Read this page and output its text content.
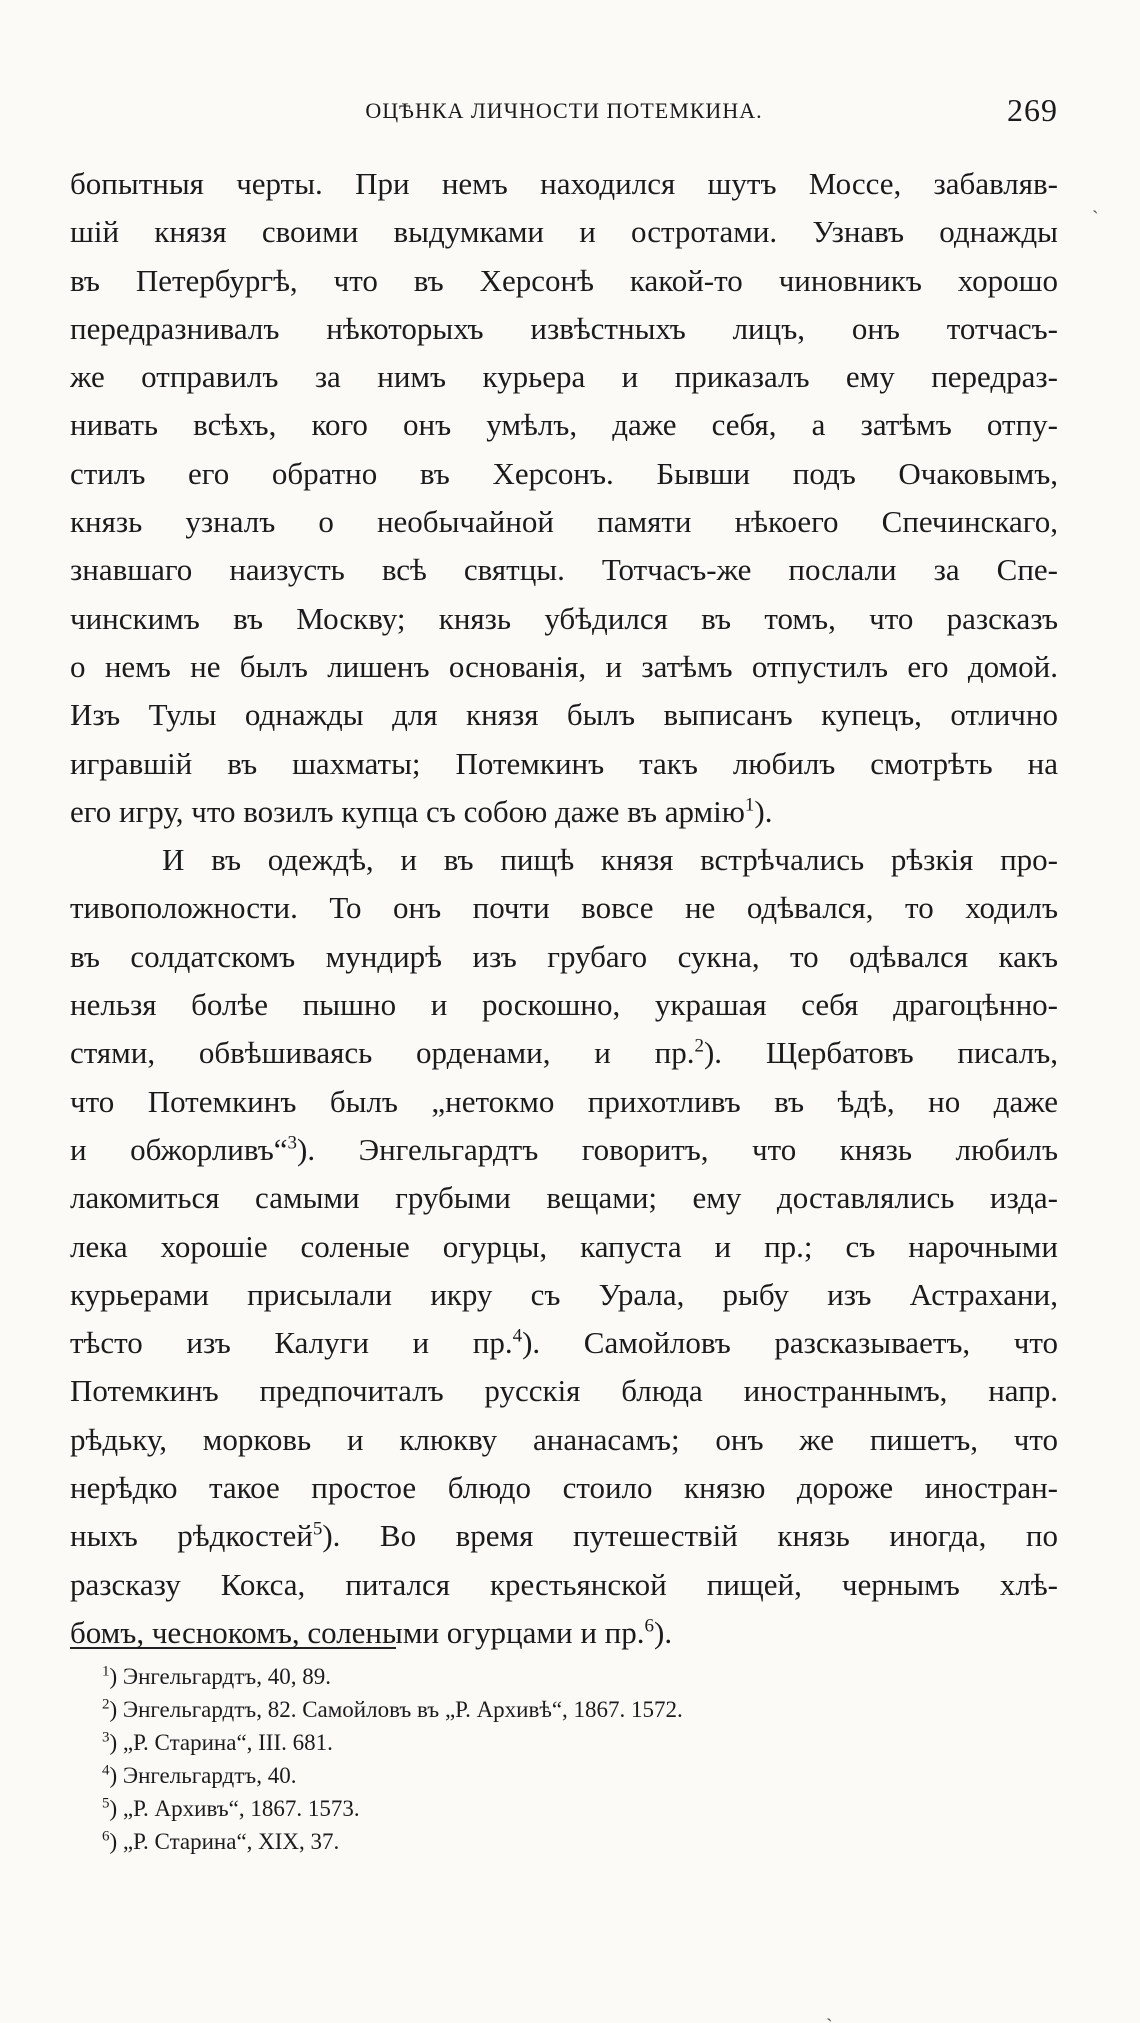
ОЦѢНКА ЛИЧНОСТИ ПОТЕМКИНА.	269
бопытныя черты. При немъ находился шутъ Моссе, забавляв-
шій князя своими выдумками и остротами. Узнавъ однажды
въ Петербургѣ, что въ Херсонѣ какой-то чиновникъ хорошо
передразнивалъ нѣкоторыхъ извѣстныхъ лицъ, онъ тотчасъ-
же отправилъ за нимъ курьера и приказалъ ему передраз-
нивать всѣхъ, кого онъ умѣлъ, даже себя, а затѣмъ отпу-
стилъ его обратно въ Херсонъ. Бывши подъ Очаковымъ,
князь узналъ о необычайной памяти нѣкоего Спечинскаго,
знавшаго наизусть всѣ святцы. Тотчасъ-же послали за Спе-
чинскимъ въ Москву; князь убѣдился въ томъ, что разсказъ
о немъ не былъ лишенъ основанія, и затѣмъ отпустилъ его домой.
Изъ Тулы однажды для князя былъ выписанъ купецъ, отлично
игравшій въ шахматы; Потемкинъ такъ любилъ смотрѣть на
его игру, что возилъ купца съ собою даже въ армію$^1$).
И въ одеждѣ, и въ пищѣ князя встрѣчались рѣзкія про-
тивоположности. То онъ почти вовсе не одѣвался, то ходилъ
въ солдатскомъ мундирѣ изъ грубаго сукна, то одѣвался какъ
нельзя болѣе пышно и роскошно, украшая себя драгоцѣнно-
стями, обвѣшиваясь орденами, и пр.$^2$). Щербатовъ писалъ,
что Потемкинъ былъ „нетокмо прихотливъ въ ѣдѣ, но даже
и обжорливъ“$^3$). Энгельгардтъ говоритъ, что князь любилъ
лакомиться самыми грубыми вещами; ему доставлялись изда-
лека хорошіе соленые огурцы, капуста и пр.; съ нарочными
курьерами присылали икру съ Урала, рыбу изъ Астрахани,
тѣсто изъ Калуги и пр.$^4$). Самойловъ разсказываетъ, что
Потемкинъ предпочиталъ русскія блюда иностраннымъ, напр.
рѣдьку, морковь и клюкву ананасамъ; онъ же пишетъ, что
нерѣдко такое простое блюдо стоило князю дороже иностран-
ныхъ рѣдкостей$^5$). Во время путешествій князь иногда, по
разсказу Кокса, питался крестьянской пищей, чернымъ хлѣ-
бомъ, чеснокомъ, солеными огурцами и пр.$^6$).
$^1$) Энгельгардтъ, 40, 89.
$^2$) Энгельгардтъ, 82. Самойловъ въ „Р. Архивѣ“, 1867. 1572.
$^3$) „Р. Старина“, III. 681.
$^4$) Энгельгардтъ, 40.
$^5$) „Р. Архивъ“, 1867. 1573.
$^6$) „Р. Старина“, XIX, 37.
ˎ
ˏ
